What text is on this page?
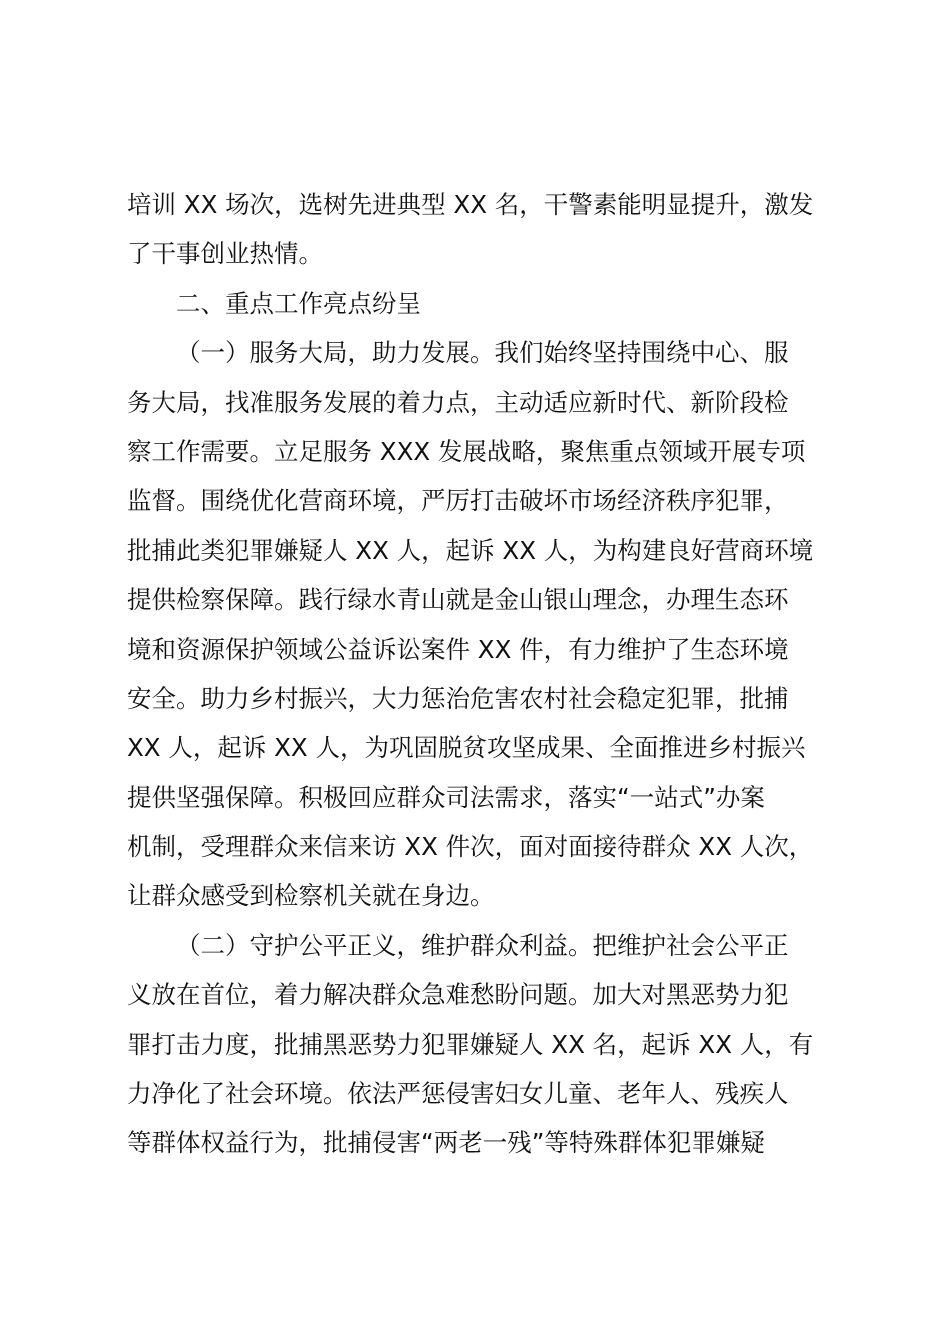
培训 XX 场次，选树先进典型 XX 名，干警素能明显提升，激发
了干事创业热情。
二、重点工作亮点纷呈
（一）服务大局，助力发展。我们始终坚持围绕中心、服
务大局，找准服务发展的着力点，主动适应新时代、新阶段检
察工作需要。立足服务 XXX 发展战略，聚焦重点领域开展专项
监督。围绕优化营商环境，严厉打击破坏市场经济秩序犯罪，
批捕此类犯罪嫌疑人 XX 人，起诉 XX 人，为构建良好营商环境
提供检察保障。践行绿水青山就是金山银山理念，办理生态环
境和资源保护领域公益诉讼案件 XX 件，有力维护了生态环境
安全。助力乡村振兴，大力惩治危害农村社会稳定犯罪，批捕
XX 人，起诉 XX 人，为巩固脱贫攻坚成果、全面推进乡村振兴
提供坚强保障。积极回应群众司法需求，落实“一站式”办案
机制，受理群众来信来访 XX 件次，面对面接待群众 XX 人次，
让群众感受到检察机关就在身边。
（二）守护公平正义，维护群众利益。把维护社会公平正
义放在首位，着力解决群众急难愁盼问题。加大对黑恶势力犯
罪打击力度，批捕黑恶势力犯罪嫌疑人 XX 名，起诉 XX 人，有
力净化了社会环境。依法严惩侵害妇女儿童、老年人、残疾人
等群体权益行为，批捕侵害“两老一残”等特殊群体犯罪嫌疑
